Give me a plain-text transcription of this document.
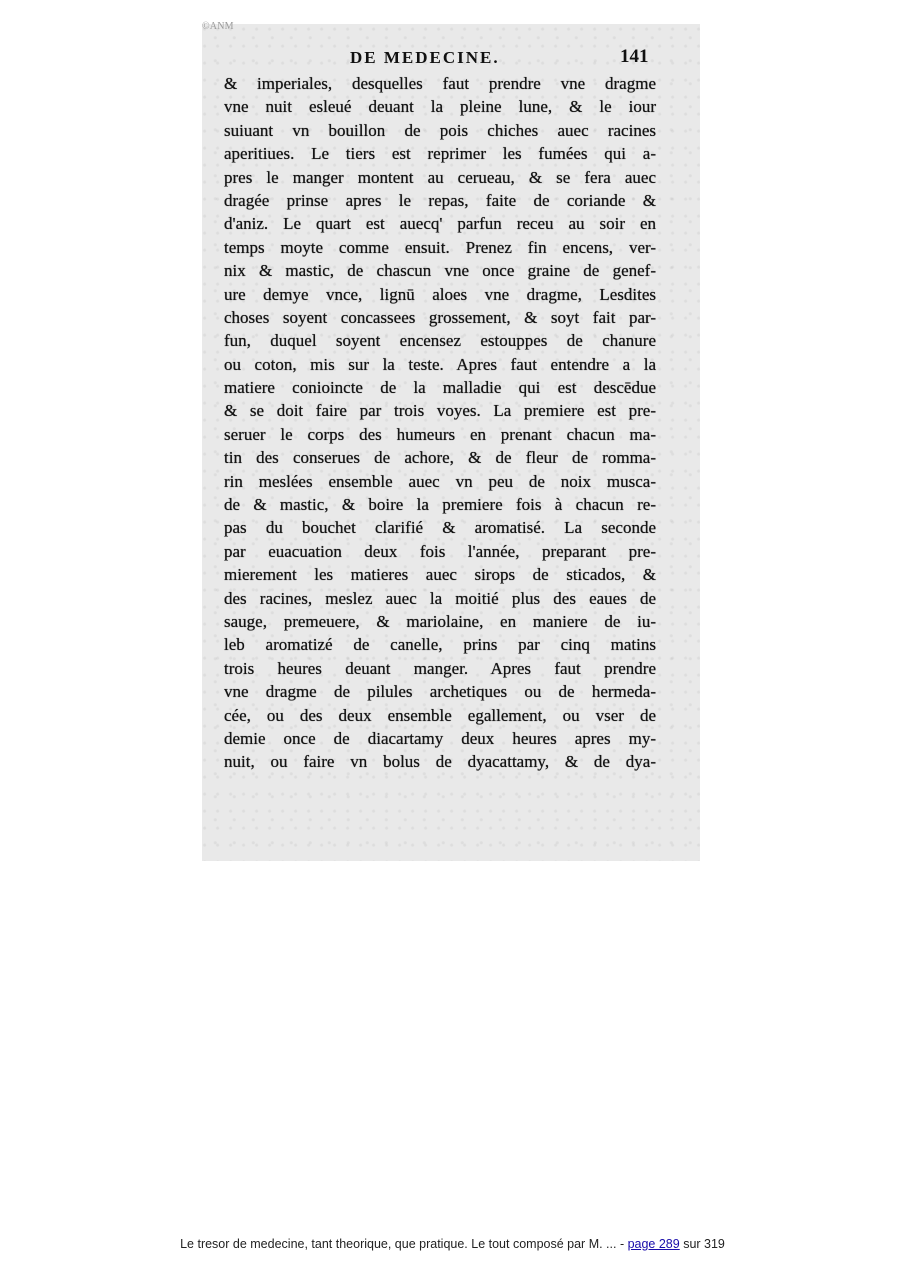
©ANM
DE MEDECINE.	141
& imperiales, desquelles faut prendre vne dragme
vne nuit esleué deuant la pleine lune, & le iour
suiuant vn bouillon de pois chiches auec racines
aperitiues. Le tiers est reprimer les fumées qui a-
pres le manger montent au cerueau, & se fera auec
dragée prinse apres le repas, faite de coriande &
d'aniz. Le quart est auecq' parfun receu au soir en
temps moyte comme ensuit. Prenez fin encens, ver-
nix & mastic, de chascun vne once graine de genef-
ure demye vnce, lignū aloes vne dragme, Lesdites
choses soyent concassees grossement, & soyt fait par-
fun, duquel soyent encensez estouppes de chanure
ou coton, mis sur la teste. Apres faut entendre a la
matiere conioincte de la malladie qui est descēdue
& se doit faire par trois voyes. La premiere est pre-
seruer le corps des humeurs en prenant chacun ma-
tin des conserues de achore, & de fleur de romma-
rin meslées ensemble auec vn peu de noix musca-
de & mastic, & boire la premiere fois à chacun re-
pas du bouchet clarifié & aromatisé. La seconde
par euacuation deux fois l'année, preparant pre-
mierement les matieres auec sirops de sticados, &
des racines, meslez auec la moitié plus des eaues de
sauge, premeuere, & mariolaine, en maniere de iu-
leb aromatizé de canelle, prins par cinq matins
trois heures deuant manger. Apres faut prendre
vne dragme de pilules archetiques ou de hermeda-
cée, ou des deux ensemble egallement, ou vser de
demie once de diacartamy deux heures apres my-
nuit, ou faire vn bolus de dyacattamy, & de dya-
Le tresor de medecine, tant theorique, que pratique. Le tout composé par M. ... - page 289 sur 319
